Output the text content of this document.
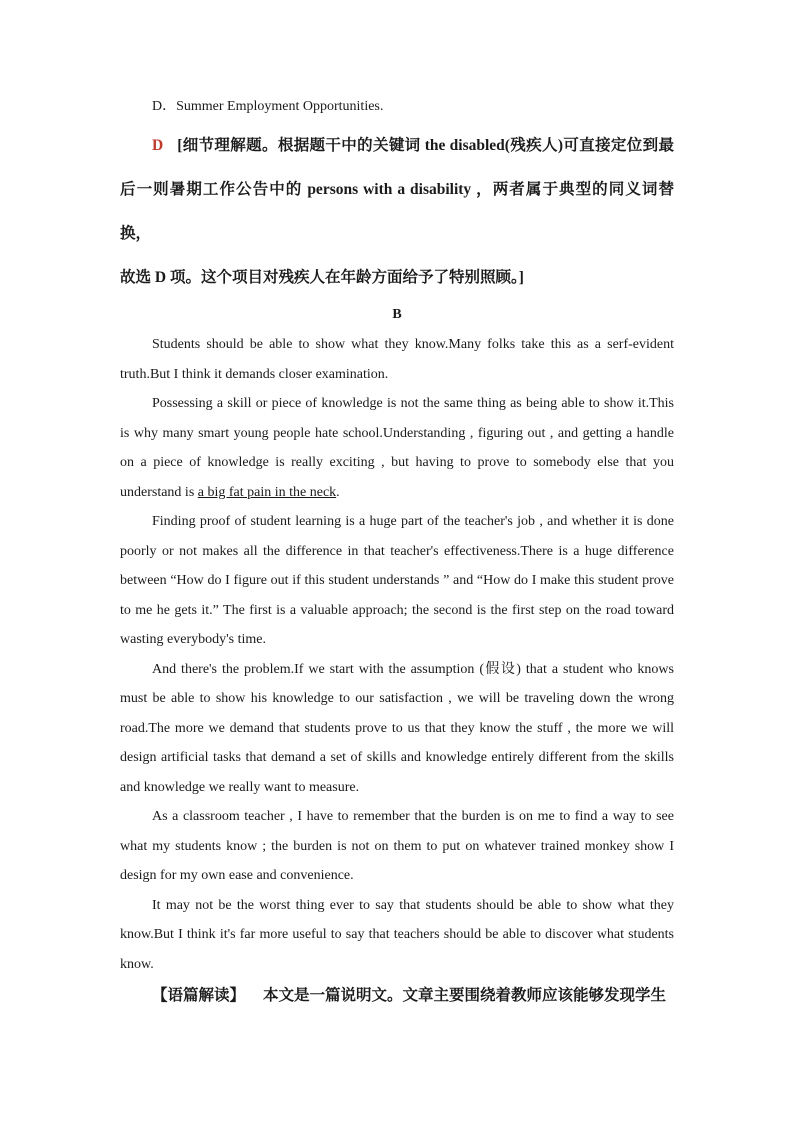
D．Summer Employment Opportunities.
D [细节理解题。根据题干中的关键词 the disabled(残疾人)可直接定位到最后一则暑期工作公告中的 persons with a disability ，两者属于典型的同义词替换，
故选 D 项。这个项目对残疾人在年龄方面给予了特别照顾。]
B

Students should be able to show what they know.Many folks take this as a serf-evident truth.But I think it demands closer examination.

Possessing a skill or piece of knowledge is not the same thing as being able to show it.This is why many smart young people hate school.Understanding , figuring out , and getting a handle on a piece of knowledge is really exciting , but having to prove to somebody else that you understand is a big fat pain in the neck.

Finding proof of student learning is a huge part of the teacher's job , and whether it is done poorly or not makes all the difference in that teacher's effectiveness.There is a huge difference between “How do I figure out if this student understands ” and “How do I make this student prove to me he gets it.” The first is a valuable approach; the second is the first step on the road toward wasting everybody's time.

And there's the problem.If we start with the assumption (假设) that a student who knows must be able to show his knowledge to our satisfaction , we will be traveling down the wrong road.The more we demand that students prove to us that they know the stuff , the more we will design artificial tasks that demand a set of skills and knowledge entirely different from the skills and knowledge we really want to measure.

As a classroom teacher , I have to remember that the burden is on me to find a way to see what my students know ; the burden is not on them to put on whatever trained monkey show I design for my own ease and convenience.

It may not be the worst thing ever to say that students should be able to show what they know.But I think it's far more useful to say that teachers should be able to discover what students know.

【语篇解读】 本文是一篇说明文。文章主要围绕着教师应该能够发现学生
